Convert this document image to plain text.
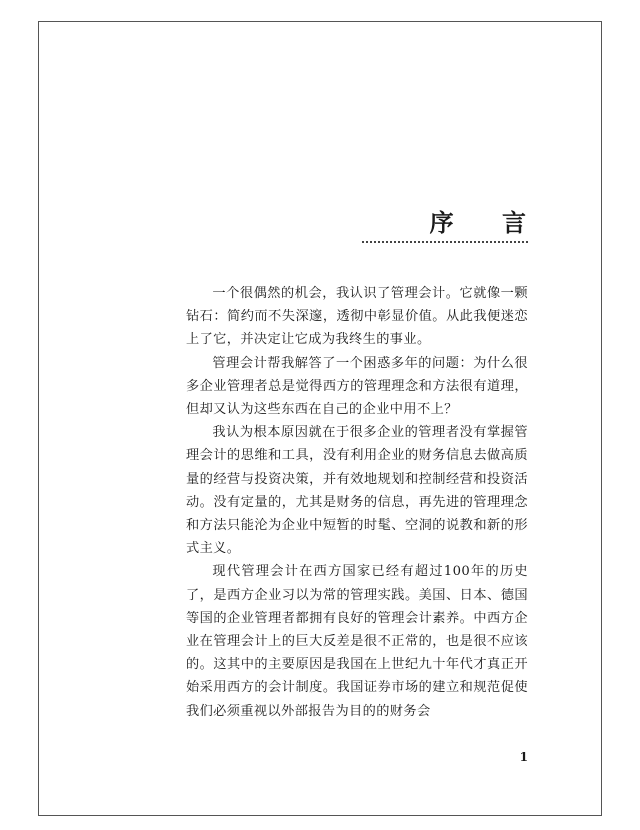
序 言

一个很偶然的机会，我认识了管理会计。它就像一颗钻石：简约而不失深邃，透彻中彰显价值。从此我便迷恋上了它，并决定让它成为我终生的事业。

管理会计帮我解答了一个困惑多年的问题：为什么很多企业管理者总是觉得西方的管理理念和方法很有道理，但却又认为这些东西在自己的企业中用不上？

我认为根本原因就在于很多企业的管理者没有掌握管理会计的思维和工具，没有利用企业的财务信息去做高质量的经营与投资决策，并有效地规划和控制经营和投资活动。没有定量的，尤其是财务的信息，再先进的管理理念和方法只能沦为企业中短暂的时髦、空洞的说教和新的形式主义。

现代管理会计在西方国家已经有超过100年的历史了，是西方企业习以为常的管理实践。美国、日本、德国等国的企业管理者都拥有良好的管理会计素养。中西方企业在管理会计上的巨大反差是很不正常的，也是很不应该的。这其中的主要原因是我国在上世纪九十年代才真正开始采用西方的会计制度。我国证券市场的建立和规范促使我们必须重视以外部报告为目的的财务会

1
